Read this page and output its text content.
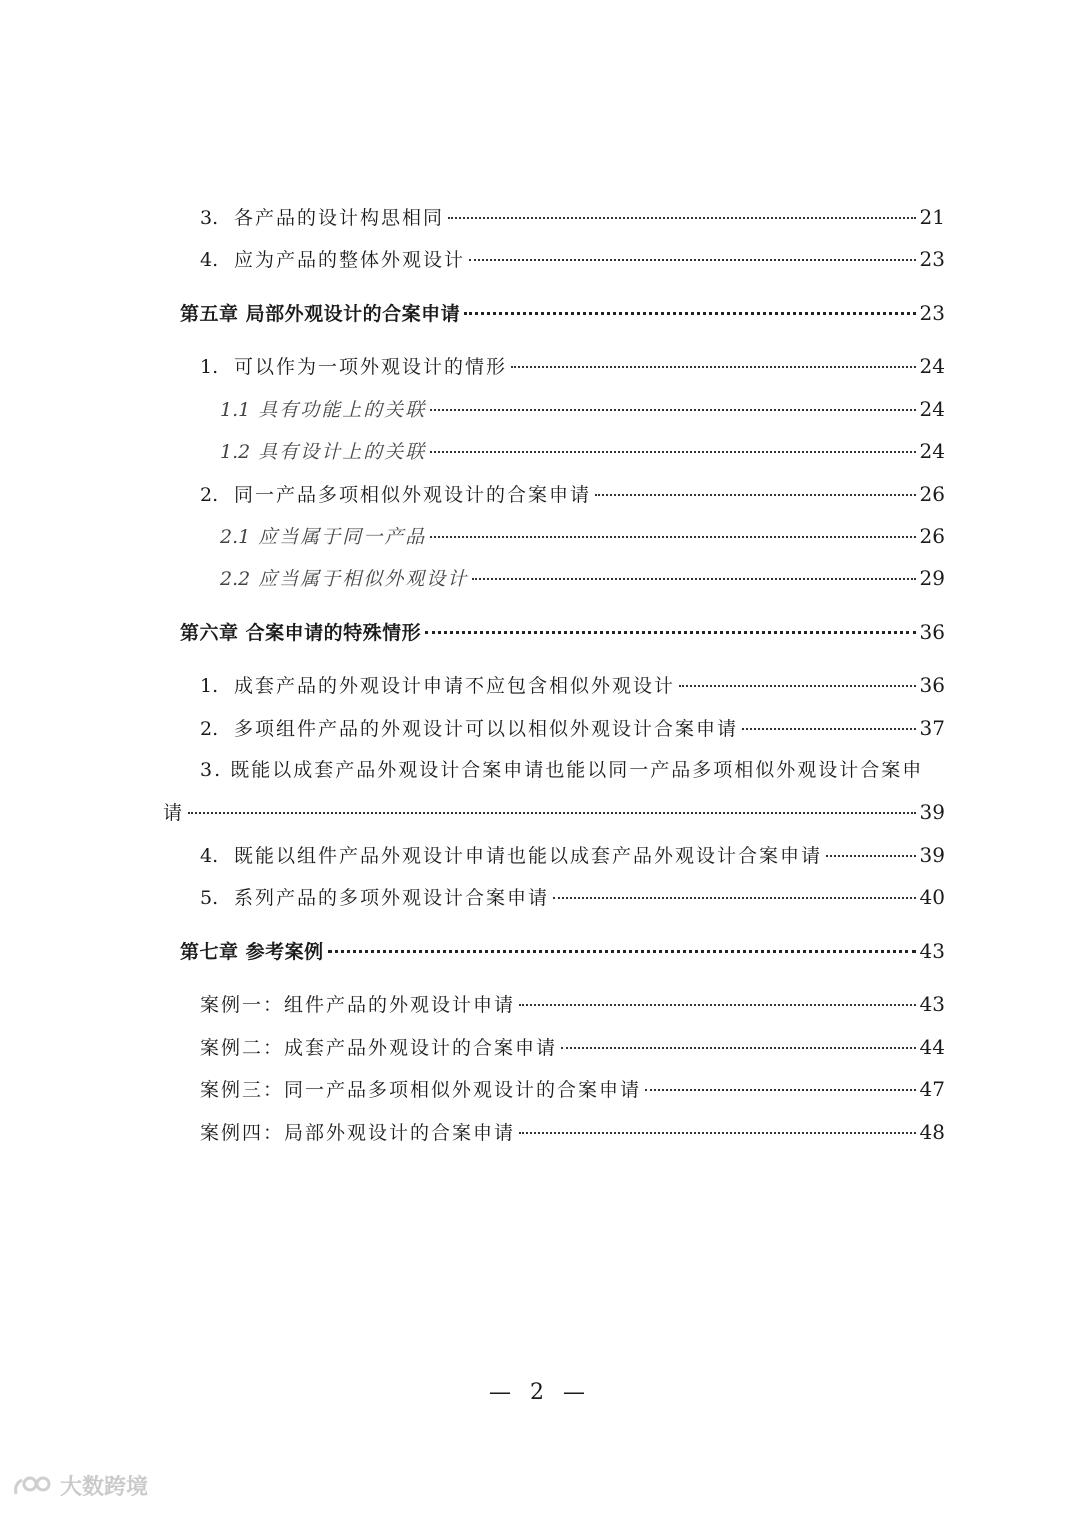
3. 各产品的设计构思相同	21
4. 应为产品的整体外观设计	23
第五章 局部外观设计的合案申请	23
1. 可以作为一项外观设计的情形	24
1.1 具有功能上的关联	24
1.2 具有设计上的关联	24
2. 同一产品多项相似外观设计的合案申请	26
2.1 应当属于同一产品	26
2.2 应当属于相似外观设计	29
第六章 合案申请的特殊情形	36
1. 成套产品的外观设计申请不应包含相似外观设计	36
2. 多项组件产品的外观设计可以以相似外观设计合案申请	37
3. 既能以成套产品外观设计合案申请也能以同一产品多项相似外观设计合案申
请	39
4. 既能以组件产品外观设计申请也能以成套产品外观设计合案申请	39
5. 系列产品的多项外观设计合案申请	40
第七章 参考案例	43
案例一：组件产品的外观设计申请	43
案例二：成套产品外观设计的合案申请	44
案例三：同一产品多项相似外观设计的合案申请	47
案例四：局部外观设计的合案申请	48
— 2 —
大数跨境
